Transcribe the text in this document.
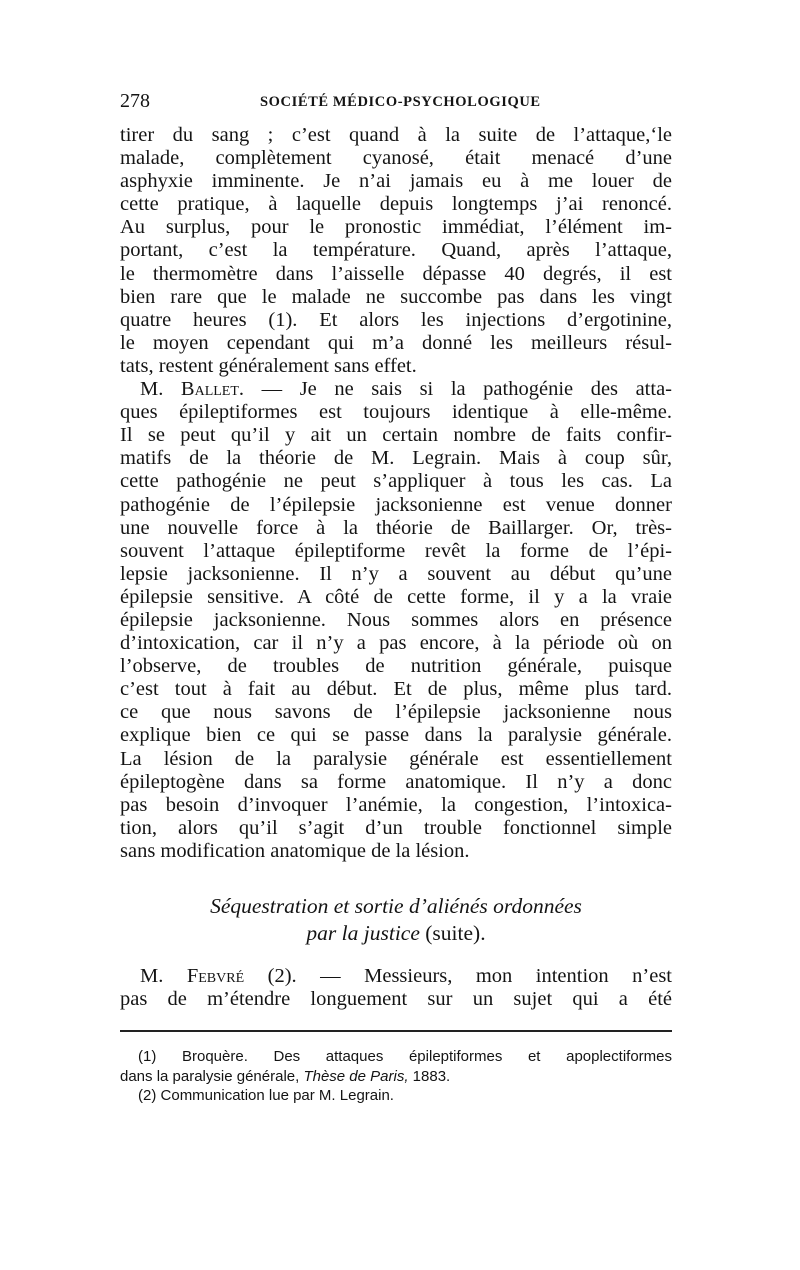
278	SOCIÉTÉ MÉDICO-PSYCHOLOGIQUE
tirer du sang ; c’est quand à la suite de l’attaque,‘le
malade, complètement cyanosé, était menacé d’une
asphyxie imminente. Je n’ai jamais eu à me louer de
cette pratique, à laquelle depuis longtemps j’ai renoncé.
Au surplus, pour le pronostic immédiat, l’élément im-
portant, c’est la température. Quand, après l’attaque,
le thermomètre dans l’aisselle dépasse 40 degrés, il est
bien rare que le malade ne succombe pas dans les vingt
quatre heures (1). Et alors les injections d’ergotinine,
le moyen cependant qui m’a donné les meilleurs résul-
tats, restent généralement sans effet.
M. Ballet. — Je ne sais si la pathogénie des atta-
ques épileptiformes est toujours identique à elle-même.
Il se peut qu’il y ait un certain nombre de faits confir-
matifs de la théorie de M. Legrain. Mais à coup sûr,
cette pathogénie ne peut s’appliquer à tous les cas. La
pathogénie de l’épilepsie jacksonienne est venue donner
une nouvelle force à la théorie de Baillarger. Or, très-
souvent l’attaque épileptiforme revêt la forme de l’épi-
lepsie jacksonienne. Il n’y a souvent au début qu’une
épilepsie sensitive. A côté de cette forme, il y a la vraie
épilepsie jacksonienne. Nous sommes alors en présence
d’intoxication, car il n’y a pas encore, à la période où on
l’observe, de troubles de nutrition générale, puisque
c’est tout à fait au début. Et de plus, même plus tard.
ce que nous savons de l’épilepsie jacksonienne nous
explique bien ce qui se passe dans la paralysie générale.
La lésion de la paralysie générale est essentiellement
épileptogène dans sa forme anatomique. Il n’y a donc
pas besoin d’invoquer l’anémie, la congestion, l’intoxica-
tion, alors qu’il s’agit d’un trouble fonctionnel simple
sans modification anatomique de la lésion.
Séquestration et sortie d’aliénés ordonnées
par la justice (suite).
M. Febvré (2). — Messieurs, mon intention n’est
pas de m’étendre longuement sur un sujet qui a été
(1) Broquère. Des attaques épileptiformes et apoplectiformes
dans la paralysie générale, Thèse de Paris, 1883.
(2) Communication lue par M. Legrain.
